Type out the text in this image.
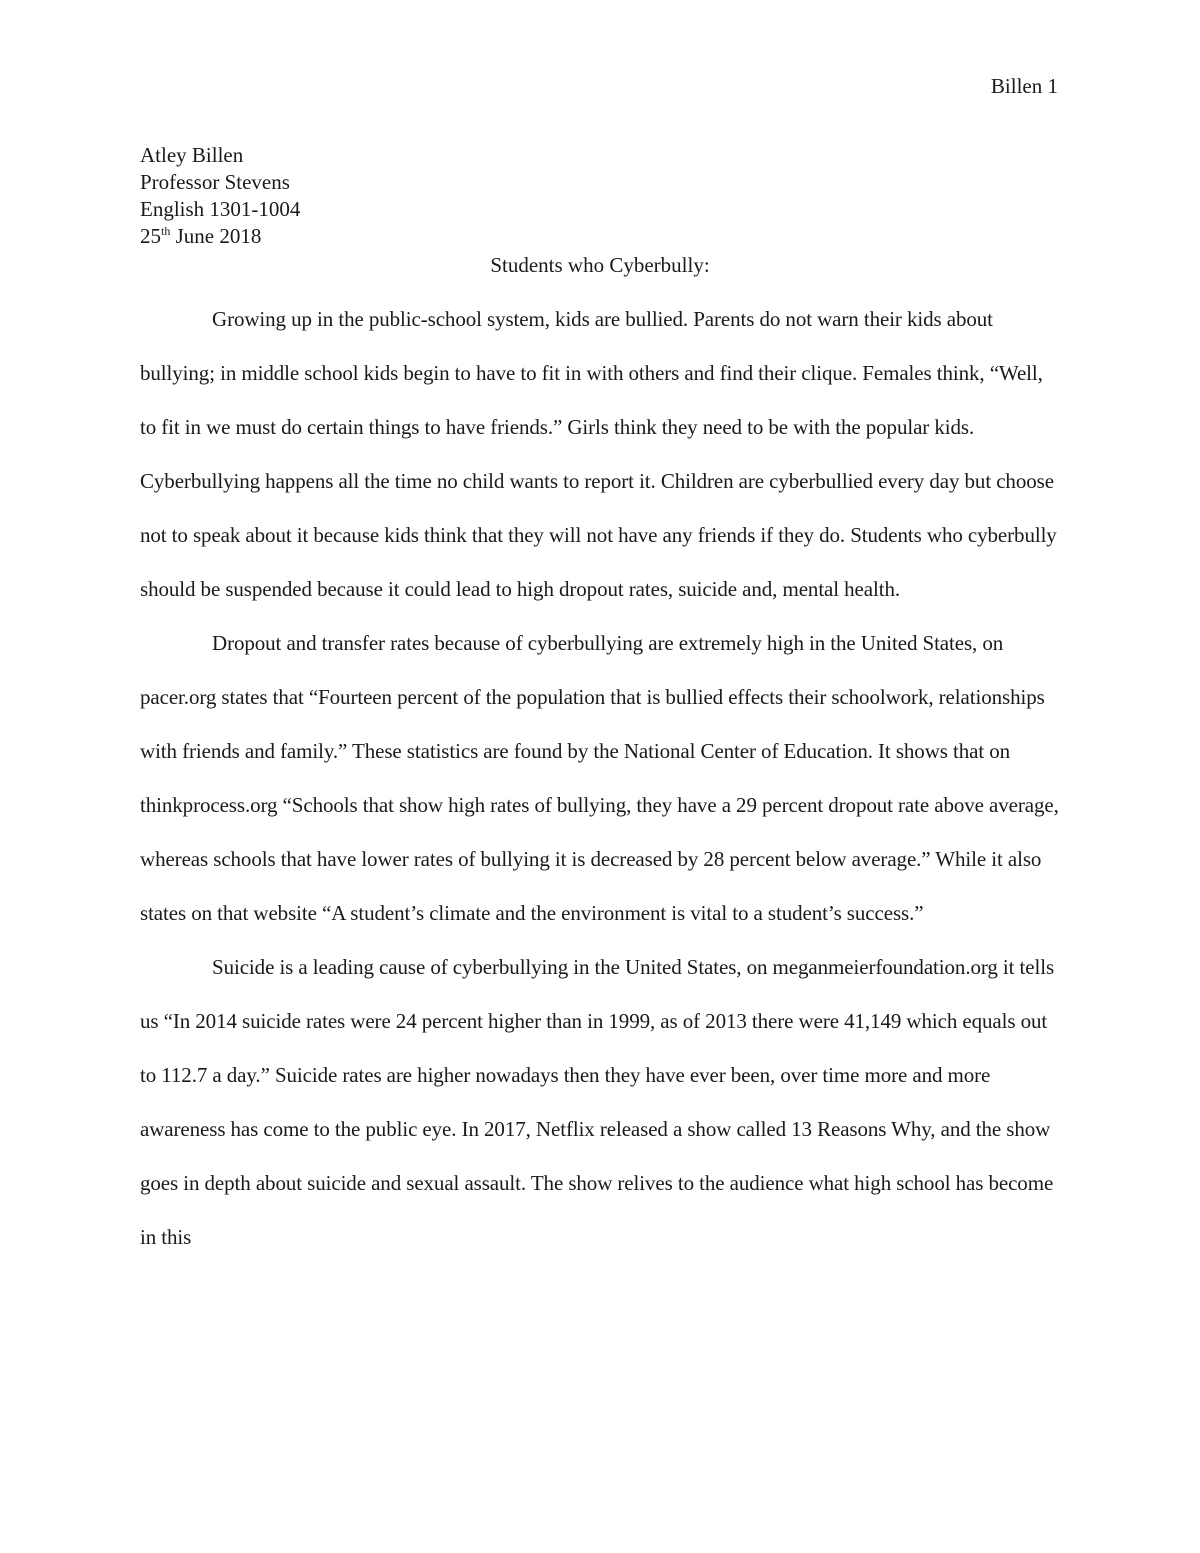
Billen 1
Atley Billen
Professor Stevens
English 1301-1004
25th June 2018
Students who Cyberbully:

Growing up in the public-school system, kids are bullied. Parents do not warn their kids about bullying; in middle school kids begin to have to fit in with others and find their clique. Females think, “Well, to fit in we must do certain things to have friends.” Girls think they need to be with the popular kids. Cyberbullying happens all the time no child wants to report it. Children are cyberbullied every day but choose not to speak about it because kids think that they will not have any friends if they do. Students who cyberbully should be suspended because it could lead to high dropout rates, suicide and, mental health.

Dropout and transfer rates because of cyberbullying are extremely high in the United States, on pacer.org states that “Fourteen percent of the population that is bullied effects their schoolwork, relationships with friends and family.” These statistics are found by the National Center of Education. It shows that on thinkprocess.org “Schools that show high rates of bullying, they have a 29 percent dropout rate above average, whereas schools that have lower rates of bullying it is decreased by 28 percent below average.” While it also states on that website “A student’s climate and the environment is vital to a student’s success.”

Suicide is a leading cause of cyberbullying in the United States, on meganmeierfoundation.org it tells us “In 2014 suicide rates were 24 percent higher than in 1999, as of 2013 there were 41,149 which equals out to 112.7 a day.” Suicide rates are higher nowadays then they have ever been, over time more and more awareness has come to the public eye. In 2017, Netflix released a show called 13 Reasons Why, and the show goes in depth about suicide and sexual assault. The show relives to the audience what high school has become in this
